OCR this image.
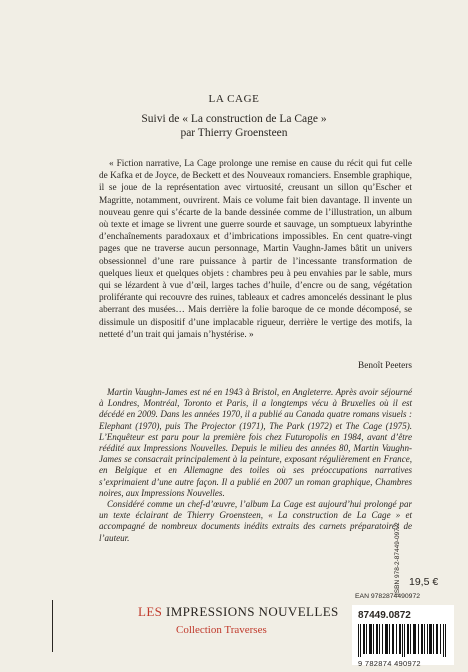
LA CAGE
Suivi de « La construction de La Cage »
par Thierry Groensteen
« Fiction narrative, La Cage prolonge une remise en cause du récit qui fut celle de Kafka et de Joyce, de Beckett et des Nouveaux romanciers. Ensemble graphique, il se joue de la représentation avec virtuosité, creusant un sillon qu’Escher et Magritte, notamment, ouvrirent. Mais ce volume fait bien davantage. Il invente un nouveau genre qui s’écarte de la bande dessinée comme de l’illustration, un album où texte et image se livrent une guerre sourde et sauvage, un somptueux labyrinthe d’enchaînements paradoxaux et d’imbrications impossibles. En cent quatre-vingt pages que ne traverse aucun personnage, Martin Vaughn-James bâtit un univers obsessionnel d’une rare puissance à partir de l’incessante transformation de quelques lieux et quelques objets : chambres peu à peu envahies par le sable, murs qui se lézardent à vue d’œil, larges taches d’huile, d’encre ou de sang, végétation proliférante qui recouvre des ruines, tableaux et cadres amoncelés dessinant le plus aberrant des musées… Mais derrière la folie baroque de ce monde décomposé, se dissimule un dispositif d’une implacable rigueur, derrière le vertige des motifs, la netteté d’un trait qui jamais n’hystérise. »
Benoît Peeters

Martin Vaughn-James est né en 1943 à Bristol, en Angleterre. Après avoir séjourné à Londres, Montréal, Toronto et Paris, il a longtemps vécu à Bruxelles où il est décédé en 2009. Dans les années 1970, il a publié au Canada quatre romans visuels : Elephant (1970), puis The Projector (1971), The Park (1972) et The Cage (1975). L’Enquêteur est paru pour la première fois chez Futuropolis en 1984, avant d’être réédité aux Impressions Nouvelles. Depuis le milieu des années 80, Martin Vaughn-James se consacrait principalement à la peinture, exposant régulièrement en France, en Belgique et en Allemagne des toiles où ses préoccupations narratives s’exprimaient d’une autre façon. Il a publié en 2007 un roman graphique, Chambres noires, aux Impressions Nouvelles.

Considéré comme un chef-d’œuvre, l’album La Cage est aujourd’hui prolongé par un texte éclairant de Thierry Groensteen, « La construction de La Cage » et accompagné de nombreux documents inédits extraits des carnets préparatoires de l’auteur.

LES IMPRESSIONS NOUVELLES
Collection Traverses
19,5 €
ISBN 978-2-87449-097-2
EAN 9782874490972
87449.0872
9 782874 490972
